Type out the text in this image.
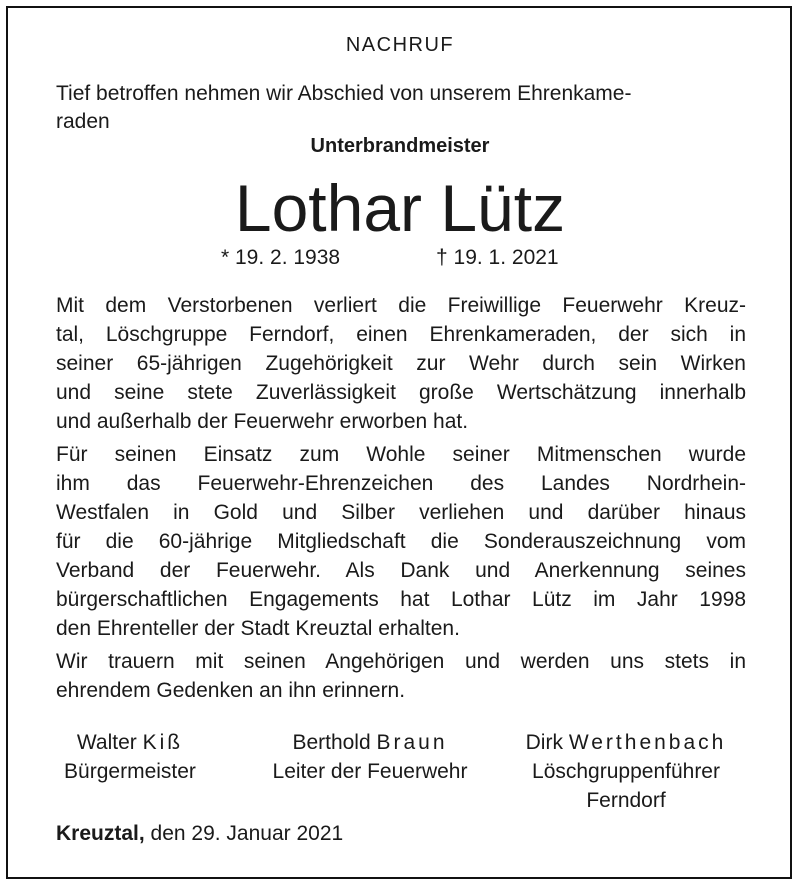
NACHRUF
Tief betroffen nehmen wir Abschied von unserem Ehrenkame-
raden
Unterbrandmeister
Lothar Lütz
* 19. 2. 1938	† 19. 1. 2021
Mit dem Verstorbenen verliert die Freiwillige Feuerwehr Kreuz-
tal, Löschgruppe Ferndorf, einen Ehrenkameraden, der sich in
seiner 65-jährigen Zugehörigkeit zur Wehr durch sein Wirken
und seine stete Zuverlässigkeit große Wertschätzung innerhalb
und außerhalb der Feuerwehr erworben hat.
Für seinen Einsatz zum Wohle seiner Mitmenschen wurde
ihm das Feuerwehr-Ehrenzeichen des Landes Nordrhein-
Westfalen in Gold und Silber verliehen und darüber hinaus
für die 60-jährige Mitgliedschaft die Sonderauszeichnung vom
Verband der Feuerwehr. Als Dank und Anerkennung seines
bürgerschaftlichen Engagements hat Lothar Lütz im Jahr 1998
den Ehrenteller der Stadt Kreuztal erhalten.
Wir trauern mit seinen Angehörigen und werden uns stets in
ehrendem Gedenken an ihn erinnern.
Walter Kiß
Bürgermeister
Berthold Braun
Leiter der Feuerwehr
Dirk Werthenbach
Löschgruppenführer
Ferndorf
Kreuztal, den 29. Januar 2021
